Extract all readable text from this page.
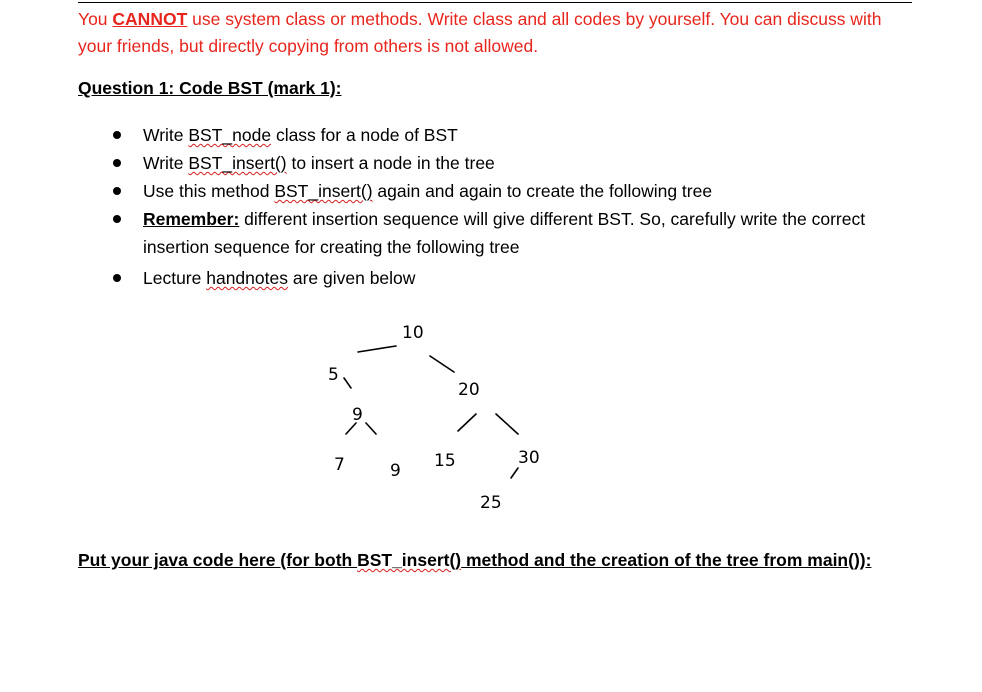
You CANNOT use system class or methods. Write class and all codes by yourself. You can discuss with your friends, but directly copying from others is not allowed.
Question 1: Code BST (mark 1):
Write BST_node class for a node of BST
Write BST_insert() to insert a node in the tree
Use this method BST_insert() again and again to create the following tree
Remember: different insertion sequence will give different BST. So, carefully write the correct insertion sequence for creating the following tree
Lecture handnotes are given below
10
5
20
9
7	9 15	30
25
Put your java code here (for both BST_insert() method and the creation of the tree from main()):
